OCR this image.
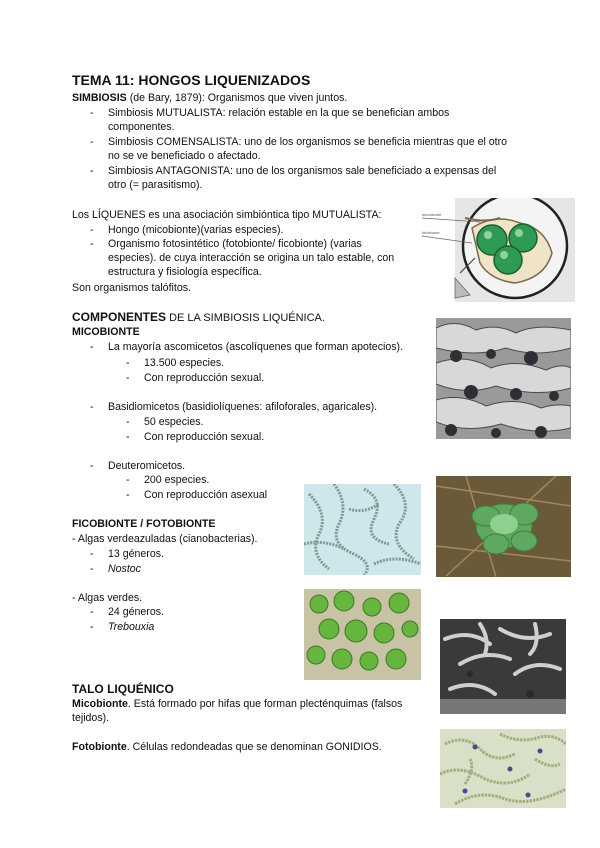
TEMA 11: HONGOS LIQUENIZADOS
SIMBIOSIS (de Bary, 1879): Organismos que viven juntos.
- Simbiosis MUTUALISTA: relación estable en la que se benefician ambos
componentes.
- Simbiosis COMENSALISTA: uno de los organismos se beneficia mientras que el otro
no se ve beneficiado o afectado.
- Simbiosis ANTAGONISTA: uno de los organismos sale beneficiado a expensas del
otro (= parasitismo).
Los LÍQUENES es una asociación simbióntica tipo MUTUALISTA:
- Hongo (micobionte)(varias especies).
- Organismo fotosintético (fotobionte/ ficobionte) (varias
especies). de cuya interacción se origina un talo estable, con
estructura y fisiología específica.
Son organismos talófitos.
micobionte
fotobionte
COMPONENTES DE LA SIMBIOSIS LIQUÉNICA.
MICOBIONTE
- La mayoría ascomicetos (ascolíquenes que forman apotecios).
- 13.500 especies.
- Con reproducción sexual.
- Basidiomicetos (basidiolíquenes: afiloforales, agaricales).
- 50 especies.
- Con reproducción sexual.
- Deuteromicetos.
- 200 especies.
- Con reproducción asexual
FICOBIONTE / FOTOBIONTE
- Algas verdeazuladas (cianobacterias).
- 13 géneros.
- Nostoc
- Algas verdes.
- 24 géneros.
- Trebouxia
TALO LIQUÉNICO
Micobionte. Está formado por hifas que forman plecténquimas (falsos
tejidos).
Fotobionte. Células redondeadas que se denominan GONIDIOS.
